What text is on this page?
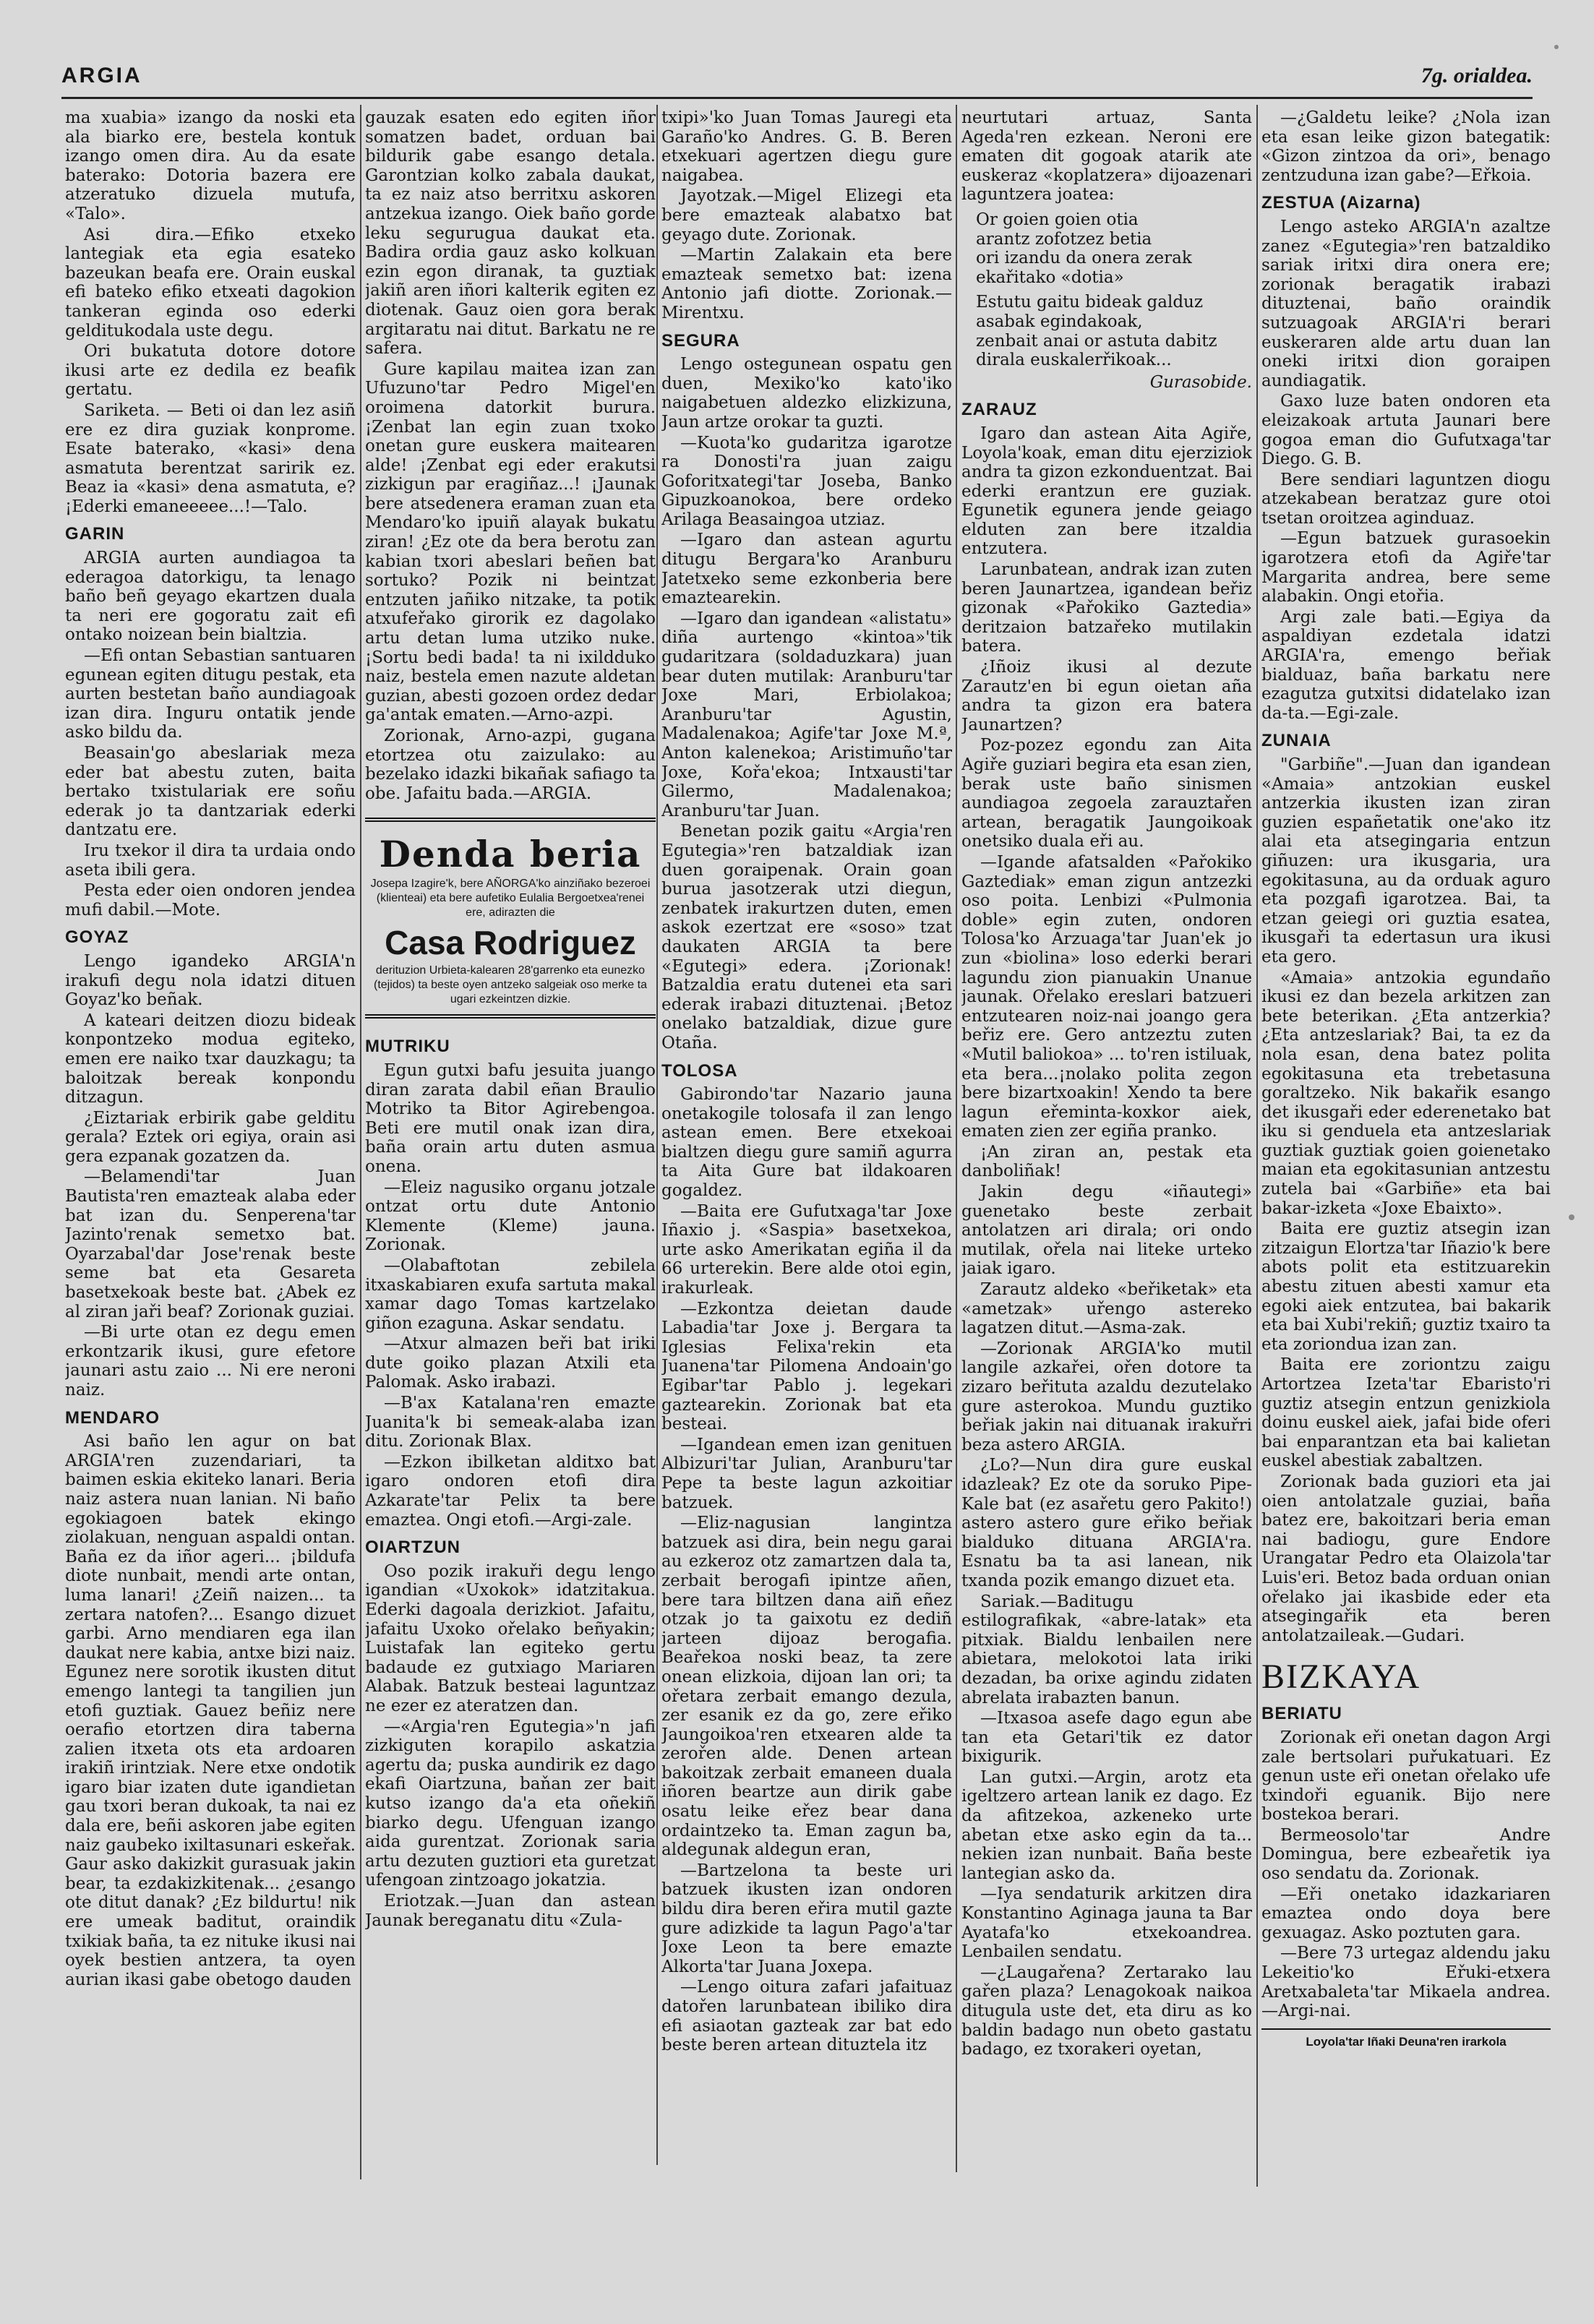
ARGIA	7g. orialdea.

ma xuabia» izango da noski eta ala biarko ere, bestela kontuk izango omen dira. Au da esate baterako: Dotoria bazera ere atzeratuko dizuela mutufa, «Talo».

Asi dira.—Efiko etxeko lantegiak eta egia esateko bazeukan beafa ere. Orain euskal efi bateko efiko etxeati dagokion tankeran eginda oso ederki gelditukodala uste degu.

Ori bukatuta dotore dotore ikusi arte ez dedila ez beafik gertatu.

Sariketa. — Beti oi dan lez asiñ ere ez dira guziak konprome. Esate baterako, «kasi» dena asmatuta berentzat saririk ez. Beaz ia «kasi» dena asmatuta, e? ¡Ederki emaneeeee...!—Talo.

GARIN

ARGIA aurten aundiagoa ta ederagoa datorkigu, ta lenago baño beñ geyago ekartzen duala ta neri ere gogoratu zait efi ontako noizean bein bialtzia.

—Efi ontan Sebastian santuaren egunean egiten ditugu pestak, eta aurten bestetan baño aundiagoak izan dira. Inguru ontatik jende asko bildu da.

Beasain'go abeslariak meza eder bat abestu zuten, baita bertako txistulariak ere soñu ederak jo ta dantzariak ederki dantzatu ere.

Iru txekor il dira ta urdaia ondo aseta ibili gera.

Pesta eder oien ondoren jendea mufi dabil.—Mote.

GOYAZ

Lengo igandeko ARGIA'n irakufi degu nola idatzi dituen Goyaz'ko beñak.

A kateari deitzen diozu bideak konpontzeko modua egiteko, emen ere naiko txar dauzkagu; ta baloitzak bereak konpondu ditzagun.

¿Eiztariak erbirik gabe gelditu gerala? Eztek ori egiya, orain asi gera ezpanak gozatzen da.

—Belamendi'tar Juan Bautista'ren emazteak alaba eder bat izan du. Senperena'tar Jazinto'renak semetxo bat. Oyarzabal'dar Jose'renak beste seme bat eta Gesareta basetxekoak beste bat. ¿Abek ez al ziran jaři beaf? Zorionak guziai.

—Bi urte otan ez degu emen erkontzarik ikusi, gure efetore jaunari astu zaio ... Ni ere neroni naiz.

MENDARO

Asi baño len agur on bat ARGIA'ren zuzendariari, ta baimen eskia ekiteko lanari. Beria naiz astera nuan lanian. Ni baño egokiagoen batek ekingo ziolakuan, nenguan aspaldi ontan. Baña ez da iñor ageri... ¡bildufa diote nunbait, mendi arte ontan, luma lanari! ¿Zeiñ naizen... ta zertara natofen?... Esango dizuet garbi. Arno mendiaren ega ilan daukat nere kabia, antxe bizi naiz. Egunez nere sorotik ikusten ditut emengo lantegi ta tangilien jun etofi guztiak. Gauez beñiz nere oerafio etortzen dira taberna zalien itxeta ots eta ardoaren irakiñ irintziak. Nere etxe ondotik igaro biar izaten dute igandietan gau txori beran dukoak, ta nai ez dala ere, beñi askoren jabe egiten naiz gaubeko ixiltasunari eskeřak. Gaur asko dakizkit gurasuak jakin bear, ta ezdakizkitenak... ¿esango ote ditut danak? ¿Ez bildurtu! nik ere umeak baditut, oraindik txikiak baña, ta ez nituke ikusi nai oyek bestien antzera, ta oyen aurian ikasi gabe obetogo dauden

gauzak esaten edo egiten iñor somatzen badet, orduan bai bildurik gabe esango detala. Garontzian kolko zabala daukat, ta ez naiz atso berritxu askoren antzekua izango. Oiek baño gorde leku segurugua daukat eta. Badira ordia gauz asko kolkuan ezin egon diranak, ta guztiak jakiñ aren iñori kalterik egiten ez diotenak. Gauz oien gora berak argitaratu nai ditut. Barkatu ne re safera.

Gure kapilau maitea izan zan Ufuzuno'tar Pedro Migel'en oroimena datorkit burura. ¡Zenbat lan egin zuan txoko onetan gure euskera maitearen alde! ¡Zenbat egi eder erakutsi zizkigun par eragiñaz...! ¡Jaunak bere atsedenera eraman zuan eta Mendaro'ko ipuiñ alayak bukatu ziran! ¿Ez ote da bera berotu zan kabian txori abeslari beñen bat sortuko? Pozik ni beintzat entzuten jañiko nitzake, ta potik atxufeřako girorik ez dagolako artu detan luma utziko nuke. ¡Sortu bedi bada! ta ni ixildduko naiz, bestela emen nazute aldetan guzian, abesti gozoen ordez dedar ga'antak ematen.—Arno-azpi.

Zorionak, Arno-azpi, gugana etortzea otu zaizulako: au bezelako idazki bikañak safiago ta obe. Jafaitu bada.—ARGIA.

Denda beria

Josepa Izagire'k, bere AÑORGA'ko ainziñako bezeroei (klienteai) eta bere aufetiko Eulalia Bergoetxea'renei ere, adirazten die

Casa Rodriguez

derituzion Urbieta-kalearen 28'garrenko eta eunezko (tejidos) ta beste oyen antzeko salgeiak oso merke ta ugari ezkeintzen dizkie.

MUTRIKU

Egun gutxi bafu jesuita juango diran zarata dabil eñan Braulio Motriko ta Bitor Agirebengoa. Beti ere mutil onak izan dira, baña orain artu duten asmua onena.

—Eleiz nagusiko organu jotzale ontzat ortu dute Antonio Klemente (Kleme) jauna. Zorionak.

—Olabaftotan zebilela itxaskabiaren exufa sartuta makal xamar dago Tomas kartzelako giñon ezaguna. Askar sendatu.

—Atxur almazen beři bat iriki dute goiko plazan Atxili eta Palomak. Asko irabazi.

—B'ax Katalana'ren emazte Juanita'k bi semeak-alaba izan ditu. Zorionak Blax.

—Ezkon ibilketan alditxo bat igaro ondoren etofi dira Azkarate'tar Pelix ta bere emaztea. Ongi etofi.—Argi-zale.

OIARTZUN

Oso pozik irakuři degu lengo igandian «Uxokok» idatzitakua. Ederki dagoala derizkiot. Jafaitu, jafaitu Uxoko ořelako beñyakin; Luistafak lan egiteko gertu badaude ez gutxiago Mariaren Alabak. Batzuk besteai laguntzaz ne ezer ez ateratzen dan.

—«Argia'ren Egutegia»'n jafi zizkiguten korapilo askatzia agertu da; puska aundirik ez dago ekafi Oiartzuna, baňan zer bait kutso izango da'a eta oñekiñ biarko degu. Ufenguan izango aida gurentzat. Zorionak saria artu dezuten guztiori eta guretzat ufengoan zintzoago jokatzia.

Eriotzak.—Juan dan astean Jaunak bereganatu ditu «Zula-

txipi»'ko Juan Tomas Jauregi eta Garaño'ko Andres. G. B. Beren etxekuari agertzen diegu gure naigabea.

Jayotzak.—Migel Elizegi eta bere emazteak alabatxo bat geyago dute. Zorionak.

—Martin Zalakain eta bere emazteak semetxo bat: izena Antonio jafi diotte. Zorionak.—Mirentxu.

SEGURA

Lengo ostegunean ospatu gen duen, Mexiko'ko kato'iko naigabetuen aldezko elizkizuna, Jaun artze orokar ta guzti.

—Kuota'ko gudaritza igarotze ra Donosti'ra juan zaigu Goforitxategi'tar Joseba, Banko Gipuzkoanokoa, bere ordeko Arilaga Beasaingoa utziaz.

—Igaro dan astean agurtu ditugu Bergara'ko Aranburu Jatetxeko seme ezkonberia bere emaztearekin.

—Igaro dan igandean «alistatu» diña aurtengo «kintoa»'tik gudaritzara (soldaduzkara) juan bear duten mutilak: Aranburu'tar Joxe Mari, Erbiolakoa; Aranburu'tar Agustin, Madalenakoa; Agife'tar Joxe M.ª, Anton kalenekoa; Aristimuño'tar Joxe, Kořa'ekoa; Intxausti'tar Gilermo, Madalenakoa; Aranburu'tar Juan.

Benetan pozik gaitu «Argia'ren Egutegia»'ren batzaldiak izan duen goraipenak. Orain goan burua jasotzerak utzi diegun, zenbatek irakurtzen duten, emen askok ezertzat ere «soso» tzat daukaten ARGIA ta bere «Egutegi» edera. ¡Zorionak! Batzaldia eratu dutenei eta sari ederak irabazi dituztenai. ¡Betoz onelako batzaldiak, dizue gure Otaña.

TOLOSA

Gabirondo'tar Nazario jauna onetakogile tolosafa il zan lengo astean emen. Bere etxekoai bialtzen diegu gure samiñ agurra ta Aita Gure bat ildakoaren gogaldez.

—Baita ere Gufutxaga'tar Joxe Iñaxio j. «Saspia» basetxekoa, urte asko Amerikatan egiña il da 66 urterekin. Bere alde otoi egin, irakurleak.

—Ezkontza deietan daude Labadia'tar Joxe j. Bergara ta Iglesias Felixa'rekin eta Juanena'tar Pilomena Andoain'go Egibar'tar Pablo j. legekari gaztearekin. Zorionak bat eta besteai.

—Igandean emen izan genituen Albizuri'tar Julian, Aranburu'tar Pepe ta beste lagun azkoitiar batzuek.

—Eliz-nagusian langintza batzuek asi dira, bein negu garai au ezkeroz otz zamartzen dala ta, zerbait berogafi ipintze añen, bere tara biltzen dana aiñ eñez otzak jo ta gaixotu ez dediñ jarteen dijoaz berogafia. Beařekoa noski beaz, ta zere onean elizkoia, dijoan lan ori; ta ořetara zerbait emango dezula, zer esanik ez da go, zere eřiko Jaungoikoa'ren etxearen alde ta zerořen alde. Denen artean bakoitzak zerbait emaneen duala iñoren beartze aun dirik gabe osatu leike eřez bear dana ordaintzeko ta. Eman zagun ba, aldegunak aldegun eran,

—Bartzelona ta beste uri batzuek ikusten izan ondoren bildu dira beren eřira mutil gazte gure adizkide ta lagun Pago'a'tar Joxe Leon ta bere emazte Alkorta'tar Juana Joxepa.

—Lengo oitura zafari jafaituaz datořen larunbatean ibiliko dira efi asiaotan gazteak zar bat edo beste beren artean dituztela itz

neurtutari artuaz, Santa Ageda'ren ezkean. Neroni ere ematen dit gogoak atarik ate euskeraz «koplatzera» dijoazenari laguntzera joatea:

Or goien goien otia
arantz zofotzez betia
ori izandu da onera zerak
ekařitako «dotia»

Estutu gaitu bideak galduz
asabak egindakoak,
zenbait anai or astuta dabitz
dirala euskalerřikoak...

Gurasobide.

ZARAUZ

Igaro dan astean Aita Agiře, Loyola'koak, eman ditu ejerziziok andra ta gizon ezkonduentzat. Bai ederki erantzun ere guziak. Egunetik egunera jende geiago elduten zan bere itzaldia entzutera.

Larunbatean, andrak izan zuten beren Jaunartzea, igandean beřiz gizonak «Pařokiko Gaztedia» deritzaion batzařeko mutilakin batera.

¿Iñoiz ikusi al dezute Zarautz'en bi egun oietan aña andra ta gizon era batera Jaunartzen?

Poz-pozez egondu zan Aita Agiře guziari begira eta esan zien, berak uste baño sinismen aundiagoa zegoela zarauztařen artean, beragatik Jaungoikoak onetsiko duala eři au.

—Igande afatsalden «Pařokiko Gaztediak» eman zigun antzezki oso poita. Lenbizi «Pulmonia doble» egin zuten, ondoren Tolosa'ko Arzuaga'tar Juan'ek jo zun «biolina» loso ederki berari lagundu zion pianuakin Unanue jaunak. Ořelako ereslari batzueri entzutearen noiz-nai joango gera beřiz ere. Gero antzeztu zuten «Mutil baliokoa» ... to'ren istiluak, eta bera...¡nolako polita zegon bere bizartxoakin! Xendo ta bere lagun eřeminta-koxkor aiek, ematen zien zer egiña pranko.

¡An ziran an, pestak eta danboliñak!

Jakin degu «iñautegi» guenetako beste zerbait antolatzen ari dirala; ori ondo mutilak, ořela nai liteke urteko jaiak igaro.

Zarautz aldeko «beřiketak» eta «ametzak» uřengo astereko lagatzen ditut.—Asma-zak.

—Zorionak ARGIA'ko mutil langile azkařei, ořen dotore ta zizaro beřituta azaldu dezutelako gure asterokoa. Mundu guztiko beřiak jakin nai dituanak irakuřri beza astero ARGIA.

¿Lo?—Nun dira gure euskal idazleak? Ez ote da soruko Pipe-Kale bat (ez asařetu gero Pakito!) astero astero gure eřiko beřiak bialduko dituana ARGIA'ra. Esnatu ba ta asi lanean, nik txanda pozik emango dizuet eta.

Sariak.—Baditugu estilografikak, «abre-latak» eta pitxiak. Bialdu lenbailen nere abietara, melokotoi lata iriki dezadan, ba orixe agindu zidaten abrelata irabazten banun.

—Itxasoa asefe dago egun abe tan eta Getari'tik ez dator bixigurik.

Lan gutxi.—Argin, arotz eta igeltzero artean lanik ez dago. Ez da afitzekoa, azkeneko urte abetan etxe asko egin da ta... nekien izan nunbait. Baña beste lantegian asko da.

—Iya sendaturik arkitzen dira Konstantino Aginaga jauna ta Bar Ayatafa'ko etxekoandrea. Lenbailen sendatu.

—¿Laugařena? Zertarako lau gařen plaza? Lenagokoak naikoa ditugula uste det, eta diru as ko baldin badago nun obeto gastatu badago, ez txorakeri oyetan,

—¿Galdetu leike? ¿Nola izan eta esan leike gizon bategatik: «Gizon zintzoa da ori», benago zentzuduna izan gabe?—Eřkoia.

ZESTUA (Aizarna)

Lengo asteko ARGIA'n azaltze zanez «Egutegia»'ren batzaldiko sariak iritxi dira onera ere; zorionak beragatik irabazi dituztenai, baño oraindik sutzuagoak ARGIA'ri berari euskeraren alde artu duan lan oneki iritxi dion goraipen aundiagatik.

Gaxo luze baten ondoren eta eleizakoak artuta Jaunari bere gogoa eman dio Gufutxaga'tar Diego. G. B.

Bere sendiari laguntzen diogu atzekabean beratzaz gure otoi tsetan oroitzea aginduaz.

—Egun batzuek gurasoekin igarotzera etofi da Agiře'tar Margarita andrea, bere seme alabakin. Ongi etořia.

Argi zale bati.—Egiya da aspaldiyan ezdetala idatzi ARGIA'ra, emengo beřiak bialduaz, baña barkatu nere ezagutza gutxitsi didatelako izan da-ta.—Egi-zale.

ZUNAIA

"Garbiñe".—Juan dan igandean «Amaia» antzokian euskel antzerkia ikusten izan ziran guzien españetatik one'ako itz alai eta atsegingaria entzun giñuzen: ura ikusgaria, ura egokitasuna, au da orduak aguro eta pozgafi igarotzea. Bai, ta etzan geiegi ori guztia esatea, ikusgaři ta edertasun ura ikusi eta gero.

«Amaia» antzokia egundaño ikusi ez dan bezela arkitzen zan bete beterikan. ¿Eta antzerkia? ¿Eta antzeslariak? Bai, ta ez da nola esan, dena batez polita egokitasuna eta trebetasuna goraltzeko. Nik bakařik esango det ikusgaři eder ederenetako bat iku si genduela eta antzeslariak guztiak guztiak goien goienetako maian eta egokitasunian antzestu zutela bai «Garbiñe» eta bai bakar-izketa «Joxe Ebaixto».

Baita ere guztiz atsegin izan zitzaigun Elortza'tar Iñazio'k bere abots polit eta estitzuarekin abestu zituen abesti xamur eta egoki aiek entzutea, bai bakarik eta bai Xubi'rekiñ; guztiz txairo ta eta zoriondua izan zan.

Baita ere zoriontzu zaigu Artortzea Izeta'tar Ebaristo'ri guztiz atsegin entzun genizkiola doinu euskel aiek, jafai bide oferi bai enparantzan eta bai kalietan euskel abestiak zabaltzen.

Zorionak bada guziori eta jai oien antolatzale guziai, baña batez ere, bakoitzari beria eman nai badiogu, gure Endore Urangatar Pedro eta Olaizola'tar Luis'eri. Betoz bada orduan onian ořelako jai ikasbide eder eta atsegingařik eta beren antolatzaileak.—Gudari.

BIZKAYA
BERIATU

Zorionak eři onetan dagon Argi zale bertsolari puřukatuari. Ez genun uste eři onetan ořelako ufe txindoři eguanik. Bijo nere bostekoa berari.

Bermeosolo'tar Andre Domingua, bere ezbeařetik iya oso sendatu da. Zorionak.

—Eři onetako idazkariaren emaztea ondo doya bere gexuagaz. Asko poztuten gara.

—Bere 73 urtegaz aldendu jaku Lekeitio'ko Eřuki-etxera Aretxabaleta'tar Mikaela andrea.—Argi-nai.

Loyola'tar Iñaki Deuna'ren irarkola
